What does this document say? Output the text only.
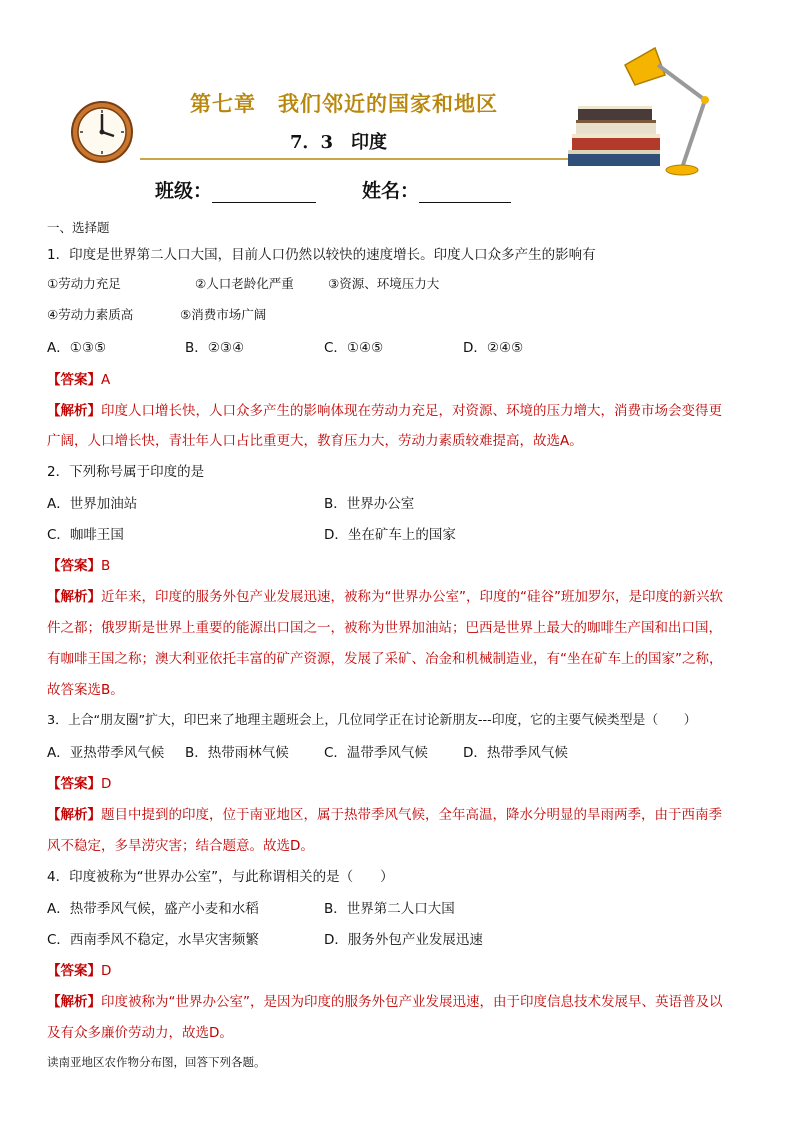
第七章　我们邻近的国家和地区
7．3　印度
班级：	姓名：
一、选择题
1．印度是世界第二人口大国，目前人口仍然以较快的速度增长。印度人口众多产生的影响有
①劳动力充足	②人口老龄化严重	③资源、环境压力大
④劳动力素质高	⑤消费市场广阔
A．①③⑤	B．②③④	C．①④⑤	D．②④⑤
【答案】A
【解析】印度人口增长快，人口众多产生的影响体现在劳动力充足，对资源、环境的压力增大，消费市场会变得更
广阔，人口增长快，青壮年人口占比重更大，教育压力大，劳动力素质较难提高，故选A。
2．下列称号属于印度的是
A．世界加油站	B．世界办公室
C．咖啡王国	D．坐在矿车上的国家
【答案】B
【解析】近年来，印度的服务外包产业发展迅速，被称为“世界办公室”，印度的“硅谷”班加罗尔，是印度的新兴软
件之都；俄罗斯是世界上重要的能源出口国之一，被称为世界加油站；巴西是世界上最大的咖啡生产国和出口国，
有咖啡王国之称；澳大利亚依托丰富的矿产资源，发展了采矿、冶金和机械制造业，有“坐在矿车上的国家”之称，
故答案选B。
3．上合“朋友圈”扩大，印巴来了地理主题班会上，几位同学正在讨论新朋友---印度，它的主要气候类型是（　　）
A．亚热带季风气候 B．热带雨林气候	C．温带季风气候	D．热带季风气候
【答案】D
【解析】题目中提到的印度，位于南亚地区，属于热带季风气候，全年高温，降水分明显的旱雨两季，由于西南季
风不稳定，多旱涝灾害；结合题意。故选D。
4．印度被称为“世界办公室”，与此称谓相关的是（　　）
A．热带季风气候，盛产小麦和水稻	B．世界第二人口大国
C．西南季风不稳定，水旱灾害频繁	D．服务外包产业发展迅速
【答案】D
【解析】印度被称为“世界办公室”，是因为印度的服务外包产业发展迅速，由于印度信息技术发展早、英语普及以
及有众多廉价劳动力，故选D。
读南亚地区农作物分布图，回答下列各题。
